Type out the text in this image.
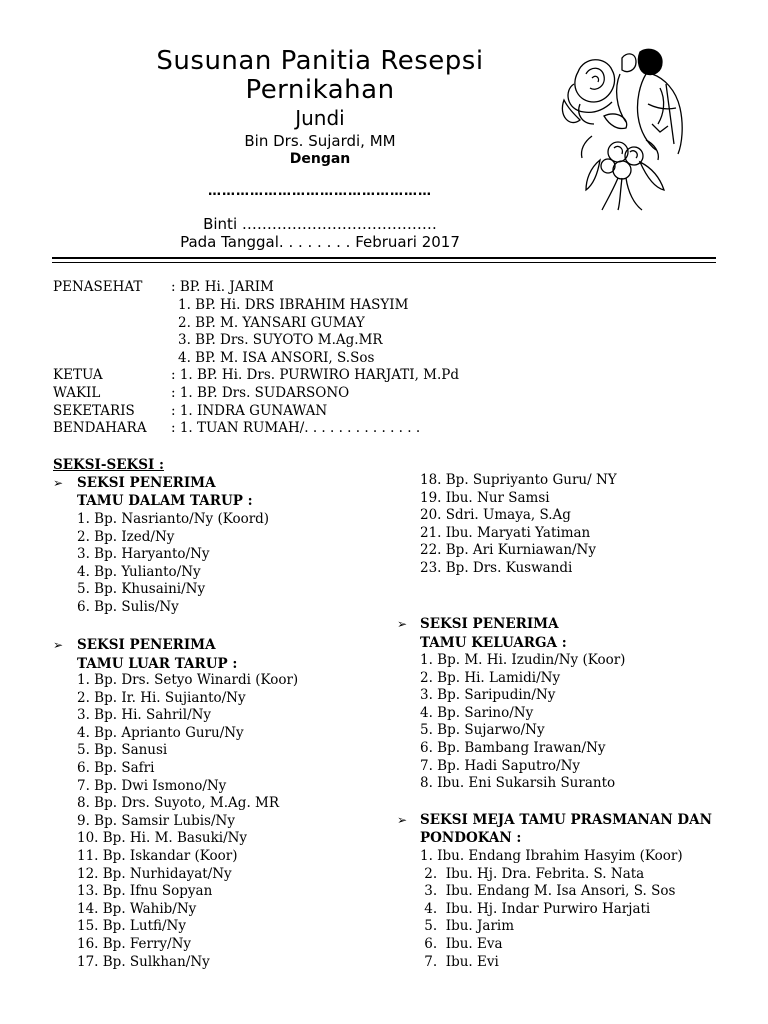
Susunan Panitia Resepsi
Pernikahan
Jundi
Bin Drs. Sujardi, MM
Dengan
…………………………………………
Binti …………………………………
Pada Tanggal. . . . . . . . Februari 2017
PENASEHAT : BP. Hi. JARIM
1. BP. Hi. DRS IBRAHIM HASYIM
2. BP. M. YANSARI GUMAY
3. BP. Drs. SUYOTO M.Ag.MR
4. BP. M. ISA ANSORI, S.Sos
KETUA	: 1. BP. Hi. Drs. PURWIRO HARJATI, M.Pd
WAKIL	: 1. BP. Drs. SUDARSONO
SEKETARIS	: 1. INDRA GUNAWAN
BENDAHARA : 1. TUAN RUMAH/. . . . . . . . . . . . . .
SEKSI-SEKSI :
➢ SEKSI PENERIMA
TAMU DALAM TARUP :
1. Bp. Nasrianto/Ny (Koord)
2. Bp. Ized/Ny
3. Bp. Haryanto/Ny
4. Bp. Yulianto/Ny
5. Bp. Khusaini/Ny
6. Bp. Sulis/Ny
➢ SEKSI PENERIMA
TAMU LUAR TARUP :
1. Bp. Drs. Setyo Winardi (Koor)
2. Bp. Ir. Hi. Sujianto/Ny
3. Bp. Hi. Sahril/Ny
4. Bp. Aprianto Guru/Ny
5. Bp. Sanusi
6. Bp. Safri
7. Bp. Dwi Ismono/Ny
8. Bp. Drs. Suyoto, M.Ag. MR
9. Bp. Samsir Lubis/Ny
10. Bp. Hi. M. Basuki/Ny
11. Bp. Iskandar (Koor)
12. Bp. Nurhidayat/Ny
13. Bp. Ifnu Sopyan
14. Bp. Wahib/Ny
15. Bp. Lutfi/Ny
16. Bp. Ferry/Ny
17. Bp. Sulkhan/Ny
18. Bp. Supriyanto Guru/ NY
19. Ibu. Nur Samsi
20. Sdri. Umaya, S.Ag
21. Ibu. Maryati Yatiman
22. Bp. Ari Kurniawan/Ny
23. Bp. Drs. Kuswandi
➢ SEKSI PENERIMA
TAMU KELUARGA :
1. Bp. M. Hi. Izudin/Ny (Koor)
2. Bp. Hi. Lamidi/Ny
3. Bp. Saripudin/Ny
4. Bp. Sarino/Ny
5. Bp. Sujarwo/Ny
6. Bp. Bambang Irawan/Ny
7. Bp. Hadi Saputro/Ny
8. Ibu. Eni Sukarsih Suranto
➢ SEKSI MEJA TAMU PRASMANAN DAN
PONDOKAN :
1. Ibu. Endang Ibrahim Hasyim (Koor)
2.  Ibu. Hj. Dra. Febrita. S. Nata
3.  Ibu. Endang M. Isa Ansori, S. Sos
4.  Ibu. Hj. Indar Purwiro Harjati
5.  Ibu. Jarim
6.  Ibu. Eva
7.  Ibu. Evi
